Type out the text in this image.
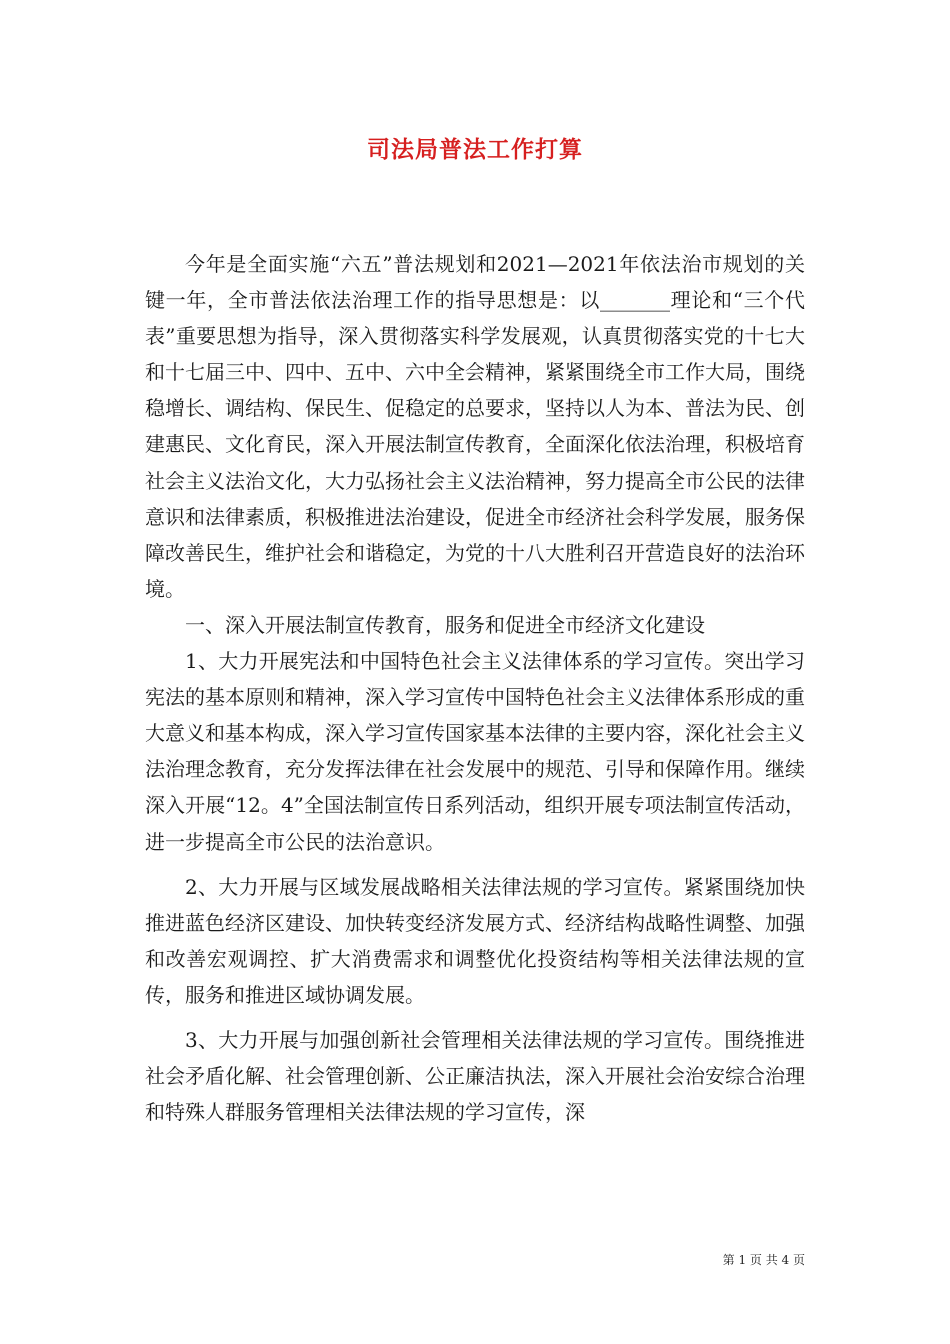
司法局普法工作打算

今年是全面实施“六五”普法规划和2021—2021年依法治市规划的关键一年，全市普法依法治理工作的指导思想是：以_______理论和“三个代表”重要思想为指导，深入贯彻落实科学发展观，认真贯彻落实党的十七大和十七届三中、四中、五中、六中全会精神，紧紧围绕全市工作大局，围绕稳增长、调结构、保民生、促稳定的总要求，坚持以人为本、普法为民、创建惠民、文化育民，深入开展法制宣传教育，全面深化依法治理，积极培育社会主义法治文化，大力弘扬社会主义法治精神，努力提高全市公民的法律意识和法律素质，积极推进法治建设，促进全市经济社会科学发展，服务保障改善民生，维护社会和谐稳定，为党的十八大胜利召开营造良好的法治环境。

一、深入开展法制宣传教育，服务和促进全市经济文化建设

1、大力开展宪法和中国特色社会主义法律体系的学习宣传。突出学习宪法的基本原则和精神，深入学习宣传中国特色社会主义法律体系形成的重大意义和基本构成，深入学习宣传国家基本法律的主要内容，深化社会主义法治理念教育，充分发挥法律在社会发展中的规范、引导和保障作用。继续深入开展“12。4”全国法制宣传日系列活动，组织开展专项法制宣传活动，进一步提高全市公民的法治意识。

2、大力开展与区域发展战略相关法律法规的学习宣传。紧紧围绕加快推进蓝色经济区建设、加快转变经济发展方式、经济结构战略性调整、加强和改善宏观调控、扩大消费需求和调整优化投资结构等相关法律法规的宣传，服务和推进区域协调发展。

3、大力开展与加强创新社会管理相关法律法规的学习宣传。围绕推进社会矛盾化解、社会管理创新、公正廉洁执法，深入开展社会治安综合治理和特殊人群服务管理相关法律法规的学习宣传，深

第 1 页 共 4 页
